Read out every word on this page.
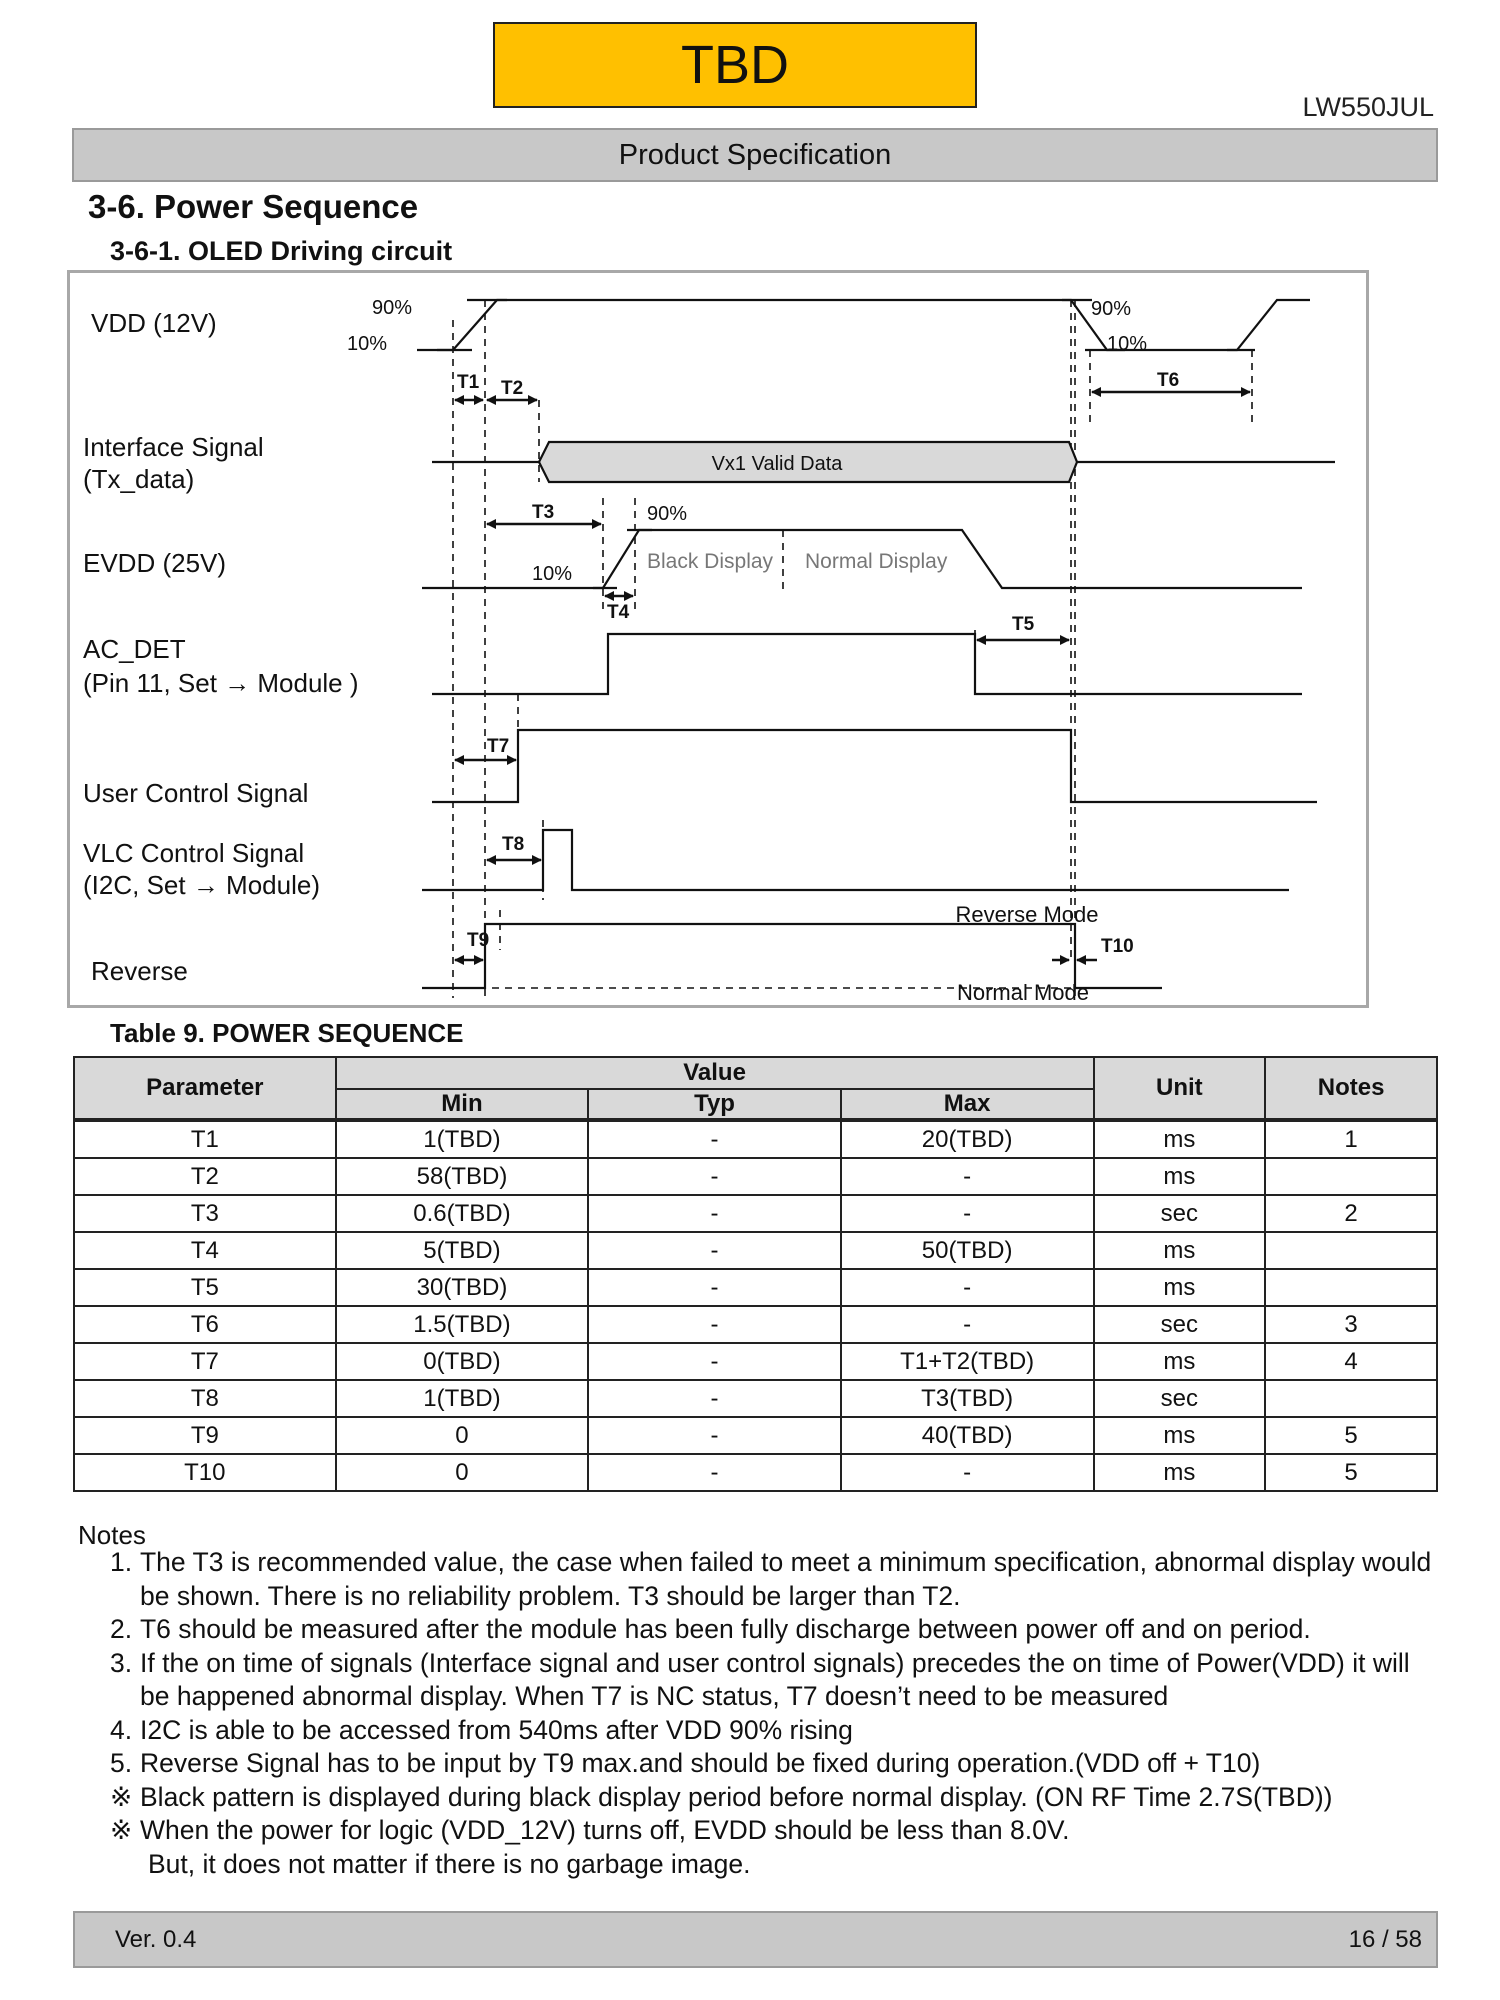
TBD
LW550JUL
Product Specification
3-6. Power Sequence
3-6-1. OLED Driving circuit
VDD (12V)
Interface Signal
(Tx_data)
EVDD (25V)
AC_DET
(Pin 11, Set → Module )
User Control Signal
VLC Control Signal
(I2C, Set → Module)
Reverse
Vx1 Valid Data
90%
10%
90%
10%
90%
10%
Black Display Normal Display
Reverse Mode
Normal Mode
T1 T2
T3
T4
T5
T6
T7
T8
T9	T10
Table 9. POWER SEQUENCE
Parameter	Value			Unit	Notes
	Min	Typ	Max		
T1	1(TBD)	-	20(TBD)	ms	1
T2	58(TBD)	-	-	ms	
T3	0.6(TBD)	-	-	sec	2
T4	5(TBD)	-	50(TBD)	ms	
T5	30(TBD)	-	-	ms	
T6	1.5(TBD)	-	-	sec	3
T7	0(TBD)	-	T1+T2(TBD)	ms	4
T8	1(TBD)	-	T3(TBD)	sec	
T9	0	-	40(TBD)	ms	5
T10	0	-	-	ms	5
Notes
1. The T3 is recommended value, the case when failed to meet a minimum specification, abnormal display would be shown. There is no reliability problem. T3 should be larger than T2.
2. T6 should be measured after the module has been fully discharge between power off and on period.
3. If the on time of signals (Interface signal and user control signals) precedes the on time of Power(VDD) it will be happened abnormal display. When T7 is NC status, T7 doesn’t need to be measured
4. I2C is able to be accessed from 540ms after VDD 90% rising
5. Reverse Signal has to be input by T9 max.and should be fixed during operation.(VDD off + T10)
※ Black pattern is displayed during black display period before normal display. (ON RF Time 2.7S(TBD))
※ When the power for logic (VDD_12V) turns off, EVDD should be less than 8.0V.
But, it does not matter if there is no garbage image.
Ver. 0.4	16 / 58
